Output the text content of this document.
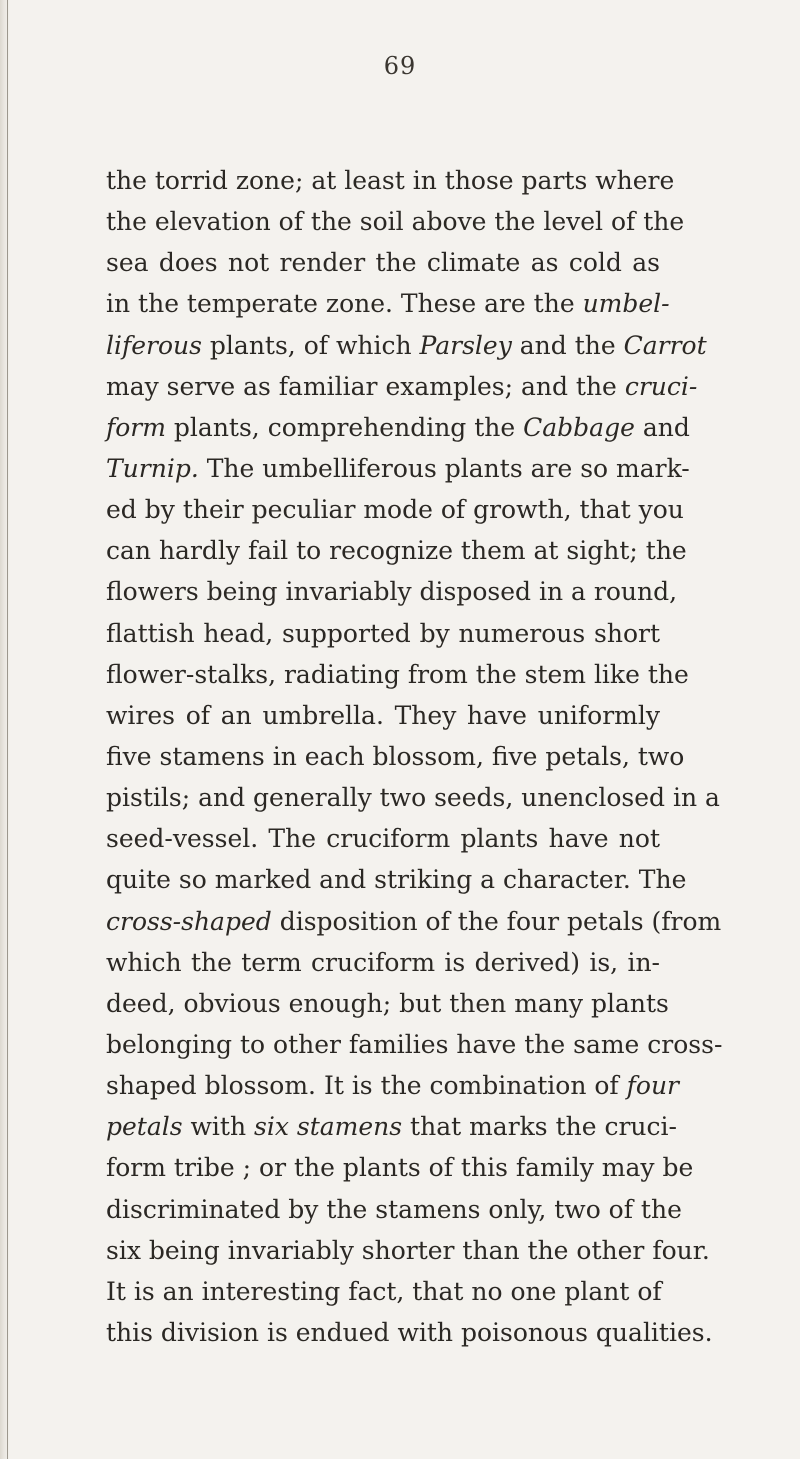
69
the torrid zone; at least in those parts where
the elevation of the soil above the level of the
sea does not render the climate as cold as
in the temperate zone. These are the umbel-
liferous plants, of which Parsley and the Carrot
may serve as familiar examples; and the cruci-
form plants, comprehending the Cabbage and
Turnip. The umbelliferous plants are so mark-
ed by their peculiar mode of growth, that you
can hardly fail to recognize them at sight; the
flowers being invariably disposed in a round,
flattish head, supported by numerous short
flower-stalks, radiating from the stem like the
wires of an umbrella. They have uniformly
five stamens in each blossom, five petals, two
pistils; and generally two seeds, unenclosed in a
seed-vessel. The cruciform plants have not
quite so marked and striking a character. The
cross-shaped disposition of the four petals (from
which the term cruciform is derived) is, in-
deed, obvious enough; but then many plants
belonging to other families have the same cross-
shaped blossom. It is the combination of four
petals with six stamens that marks the cruci-
form tribe ; or the plants of this family may be
discriminated by the stamens only, two of the
six being invariably shorter than the other four.
It is an interesting fact, that no one plant of
this division is endued with poisonous qualities.
